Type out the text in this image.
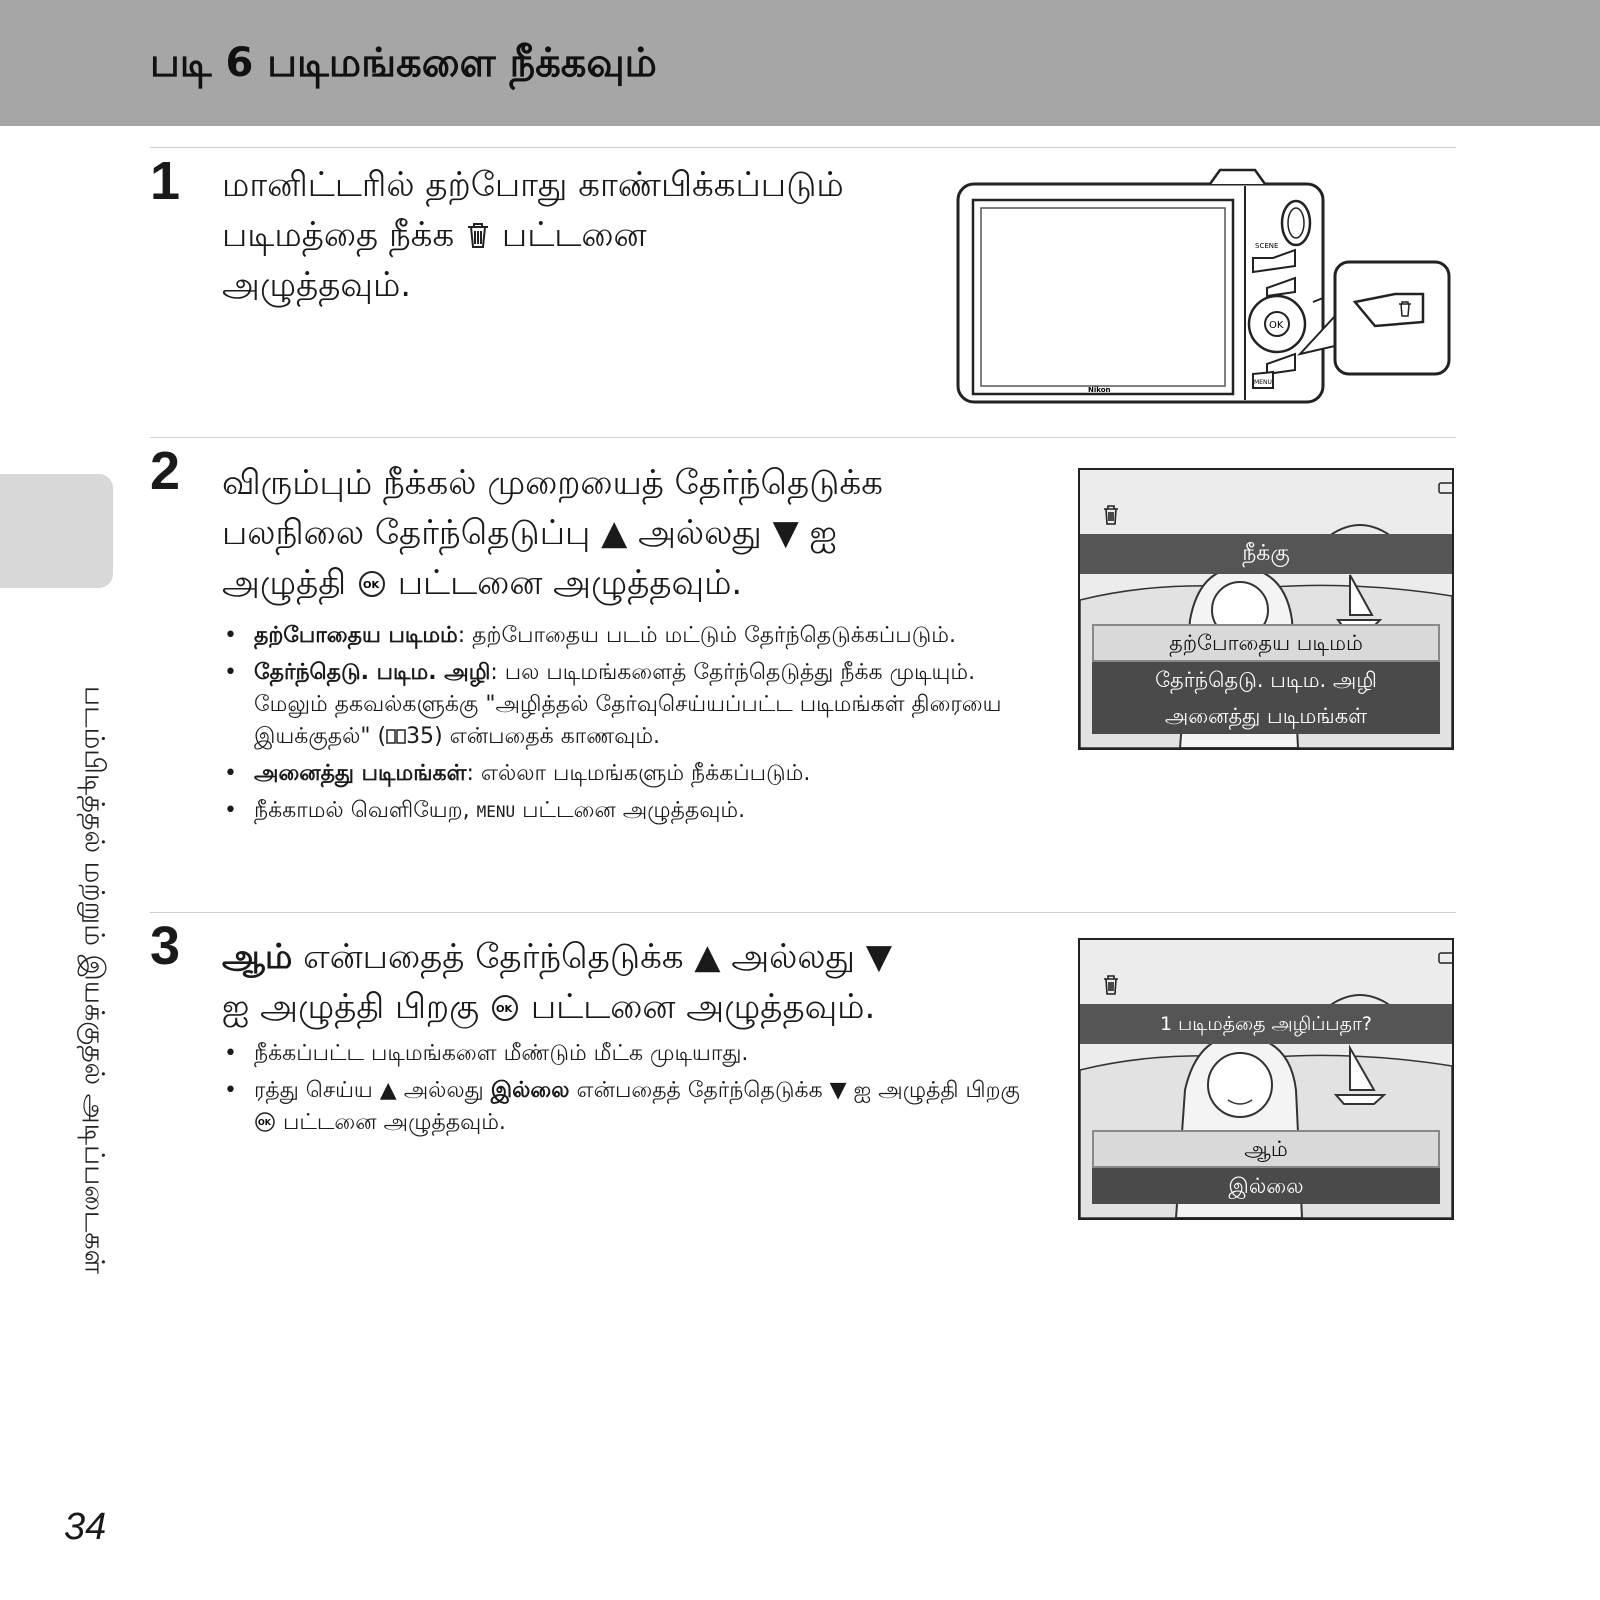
படி 6 படிமங்களை நீக்கவும்
படம்பிடித்தல் மற்றும் இயக்குதல் அடிப்படைகள்
1 மானிட்டரில் தற்போது காண்பிக்கப்படும்
படிமத்தை நீக்க பட்டனை
அழுத்தவும்.
Nikon
SCENE
OK
MENU
2 விரும்பும் நீக்கல் முறையைத் தேர்ந்தெடுக்க
பலநிலை தேர்ந்தெடுப்பு ▲ அல்லது ▼ ஐ
அழுத்தி OK பட்டனை அழுத்தவும்.
• தற்போதைய படிமம்: தற்போதைய படம் மட்டும் தேர்ந்தெடுக்கப்படும்.
• தேர்ந்தெடு. படிம. அழி: பல படிமங்களைத் தேர்ந்தெடுத்து நீக்க முடியும். மேலும் தகவல்களுக்கு "அழித்தல் தேர்வுசெய்யப்பட்ட படிமங்கள் திரையை இயக்குதல்" ( 35) என்பதைக் காணவும்.
• அனைத்து படிமங்கள்: எல்லா படிமங்களும் நீக்கப்படும்.
• நீக்காமல் வெளியேற, MENU பட்டனை அழுத்தவும்.
நீக்கு
தற்போதைய படிமம்
தேர்ந்தெடு. படிம. அழி
அனைத்து படிமங்கள்
3 ஆம் என்பதைத் தேர்ந்தெடுக்க ▲ அல்லது ▼
ஐ அழுத்தி பிறகு OK பட்டனை அழுத்தவும்.
• நீக்கப்பட்ட படிமங்களை மீண்டும் மீட்க முடியாது.
• ரத்து செய்ய ▲ அல்லது இல்லை என்பதைத் தேர்ந்தெடுக்க ▼ ஐ அழுத்தி பிறகு
OK பட்டனை அழுத்தவும்.
1 படிமத்தை அழிப்பதா?
ஆம்
இல்லை
34
